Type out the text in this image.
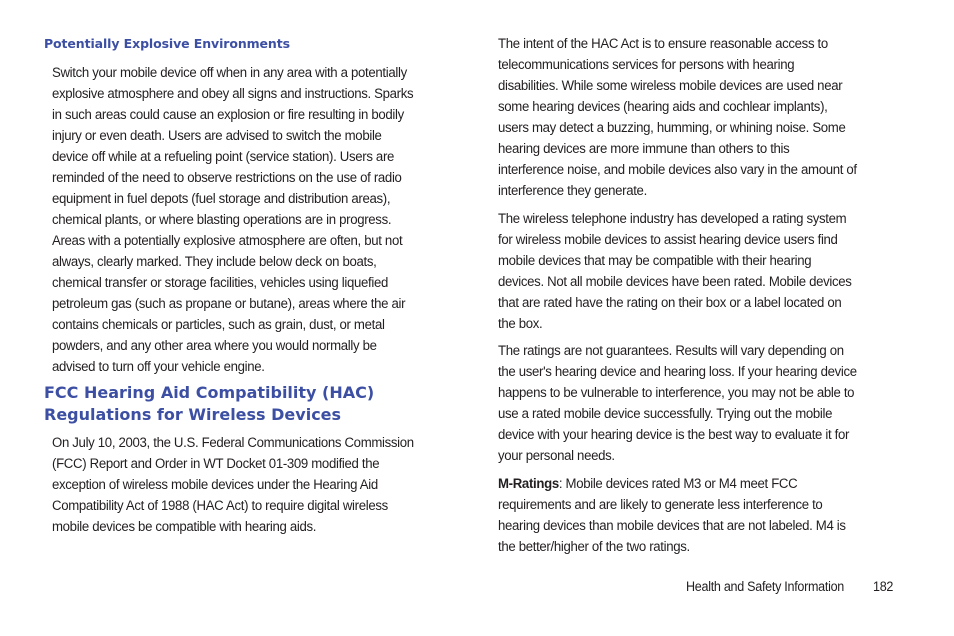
Potentially Explosive Environments

Switch your mobile device off when in any area with a potentially
explosive atmosphere and obey all signs and instructions. Sparks
in such areas could cause an explosion or fire resulting in bodily
injury or even death. Users are advised to switch the mobile
device off while at a refueling point (service station). Users are
reminded of the need to observe restrictions on the use of radio
equipment in fuel depots (fuel storage and distribution areas),
chemical plants, or where blasting operations are in progress.
Areas with a potentially explosive atmosphere are often, but not
always, clearly marked. They include below deck on boats,
chemical transfer or storage facilities, vehicles using liquefied
petroleum gas (such as propane or butane), areas where the air
contains chemicals or particles, such as grain, dust, or metal
powders, and any other area where you would normally be
advised to turn off your vehicle engine.

FCC Hearing Aid Compatibility (HAC)
Regulations for Wireless Devices

On July 10, 2003, the U.S. Federal Communications Commission
(FCC) Report and Order in WT Docket 01-309 modified the
exception of wireless mobile devices under the Hearing Aid
Compatibility Act of 1988 (HAC Act) to require digital wireless
mobile devices be compatible with hearing aids.

The intent of the HAC Act is to ensure reasonable access to
telecommunications services for persons with hearing
disabilities. While some wireless mobile devices are used near
some hearing devices (hearing aids and cochlear implants),
users may detect a buzzing, humming, or whining noise. Some
hearing devices are more immune than others to this
interference noise, and mobile devices also vary in the amount of
interference they generate.

The wireless telephone industry has developed a rating system
for wireless mobile devices to assist hearing device users find
mobile devices that may be compatible with their hearing
devices. Not all mobile devices have been rated. Mobile devices
that are rated have the rating on their box or a label located on
the box.

The ratings are not guarantees. Results will vary depending on
the user's hearing device and hearing loss. If your hearing device
happens to be vulnerable to interference, you may not be able to
use a rated mobile device successfully. Trying out the mobile
device with your hearing device is the best way to evaluate it for
your personal needs.

M-Ratings: Mobile devices rated M3 or M4 meet FCC
requirements and are likely to generate less interference to
hearing devices than mobile devices that are not labeled. M4 is
the better/higher of the two ratings.

Health and Safety Information 182
